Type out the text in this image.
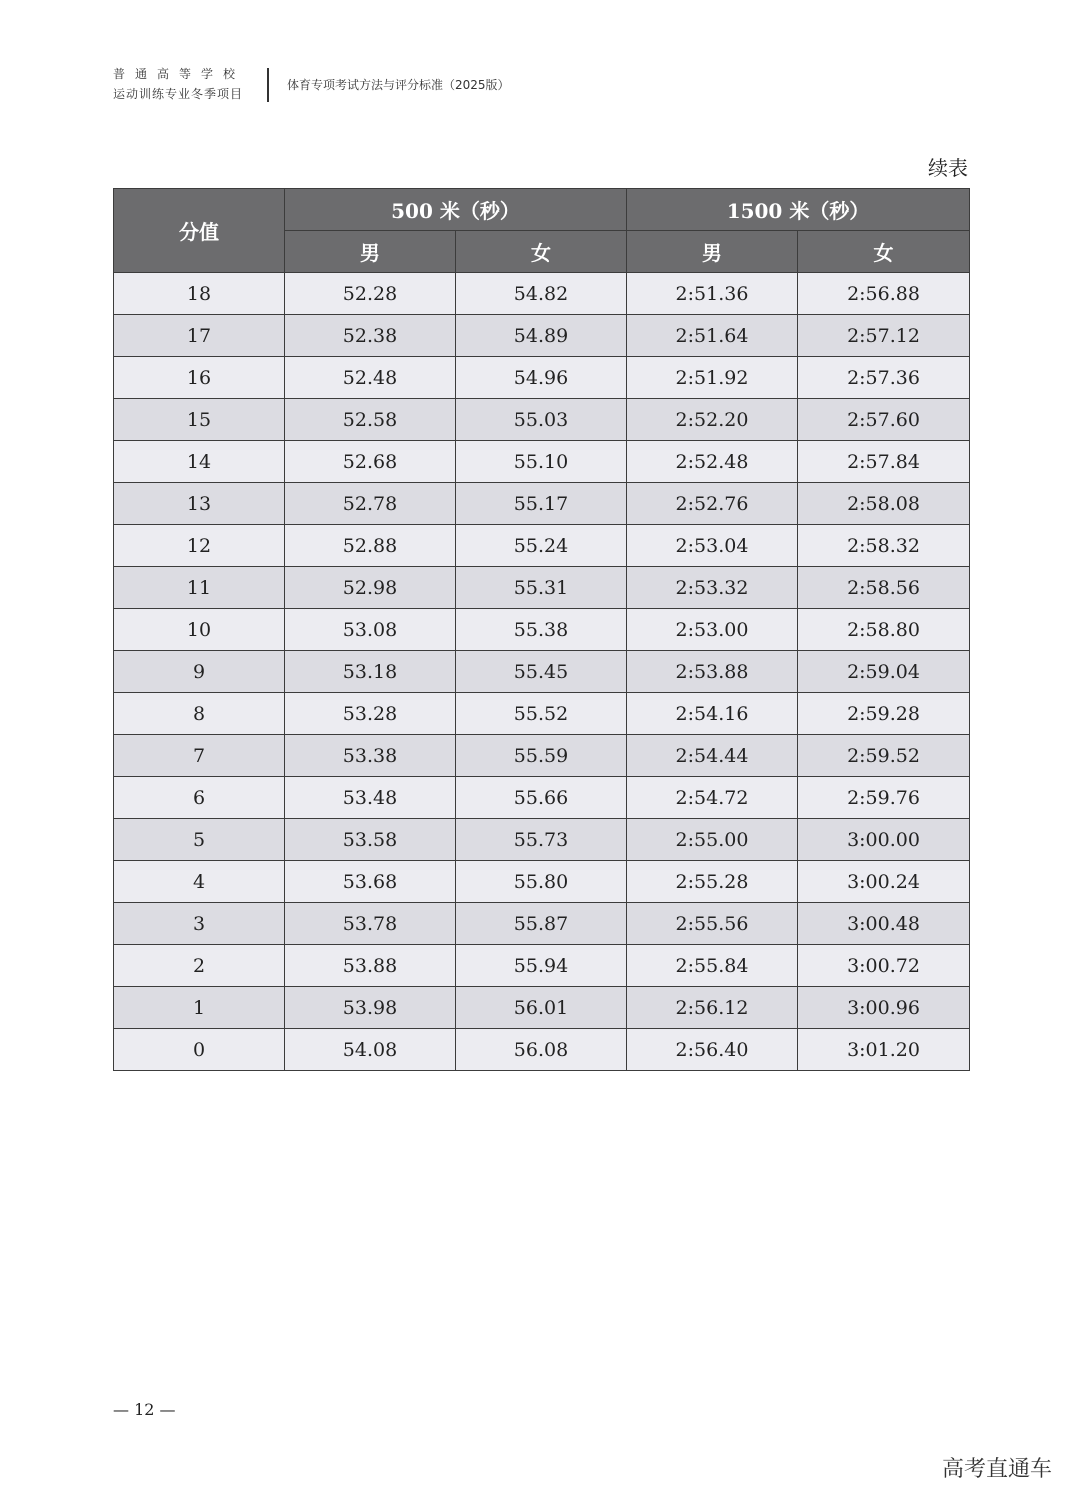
普通高等学校
运动训练专业冬季项目
体育专项考试方法与评分标准（2025版）
续表
分值	500 米（秒）		1500 米（秒）	
	男	女	男	女
18	52.28	54.82	2:51.36	2:56.88
17	52.38	54.89	2:51.64	2:57.12
16	52.48	54.96	2:51.92	2:57.36
15	52.58	55.03	2:52.20	2:57.60
14	52.68	55.10	2:52.48	2:57.84
13	52.78	55.17	2:52.76	2:58.08
12	52.88	55.24	2:53.04	2:58.32
11	52.98	55.31	2:53.32	2:58.56
10	53.08	55.38	2:53.00	2:58.80
9	53.18	55.45	2:53.88	2:59.04
8	53.28	55.52	2:54.16	2:59.28
7	53.38	55.59	2:54.44	2:59.52
6	53.48	55.66	2:54.72	2:59.76
5	53.58	55.73	2:55.00	3:00.00
4	53.68	55.80	2:55.28	3:00.24
3	53.78	55.87	2:55.56	3:00.48
2	53.88	55.94	2:55.84	3:00.72
1	53.98	56.01	2:56.12	3:00.96
0	54.08	56.08	2:56.40	3:01.20
— 12 —
高考直通车
